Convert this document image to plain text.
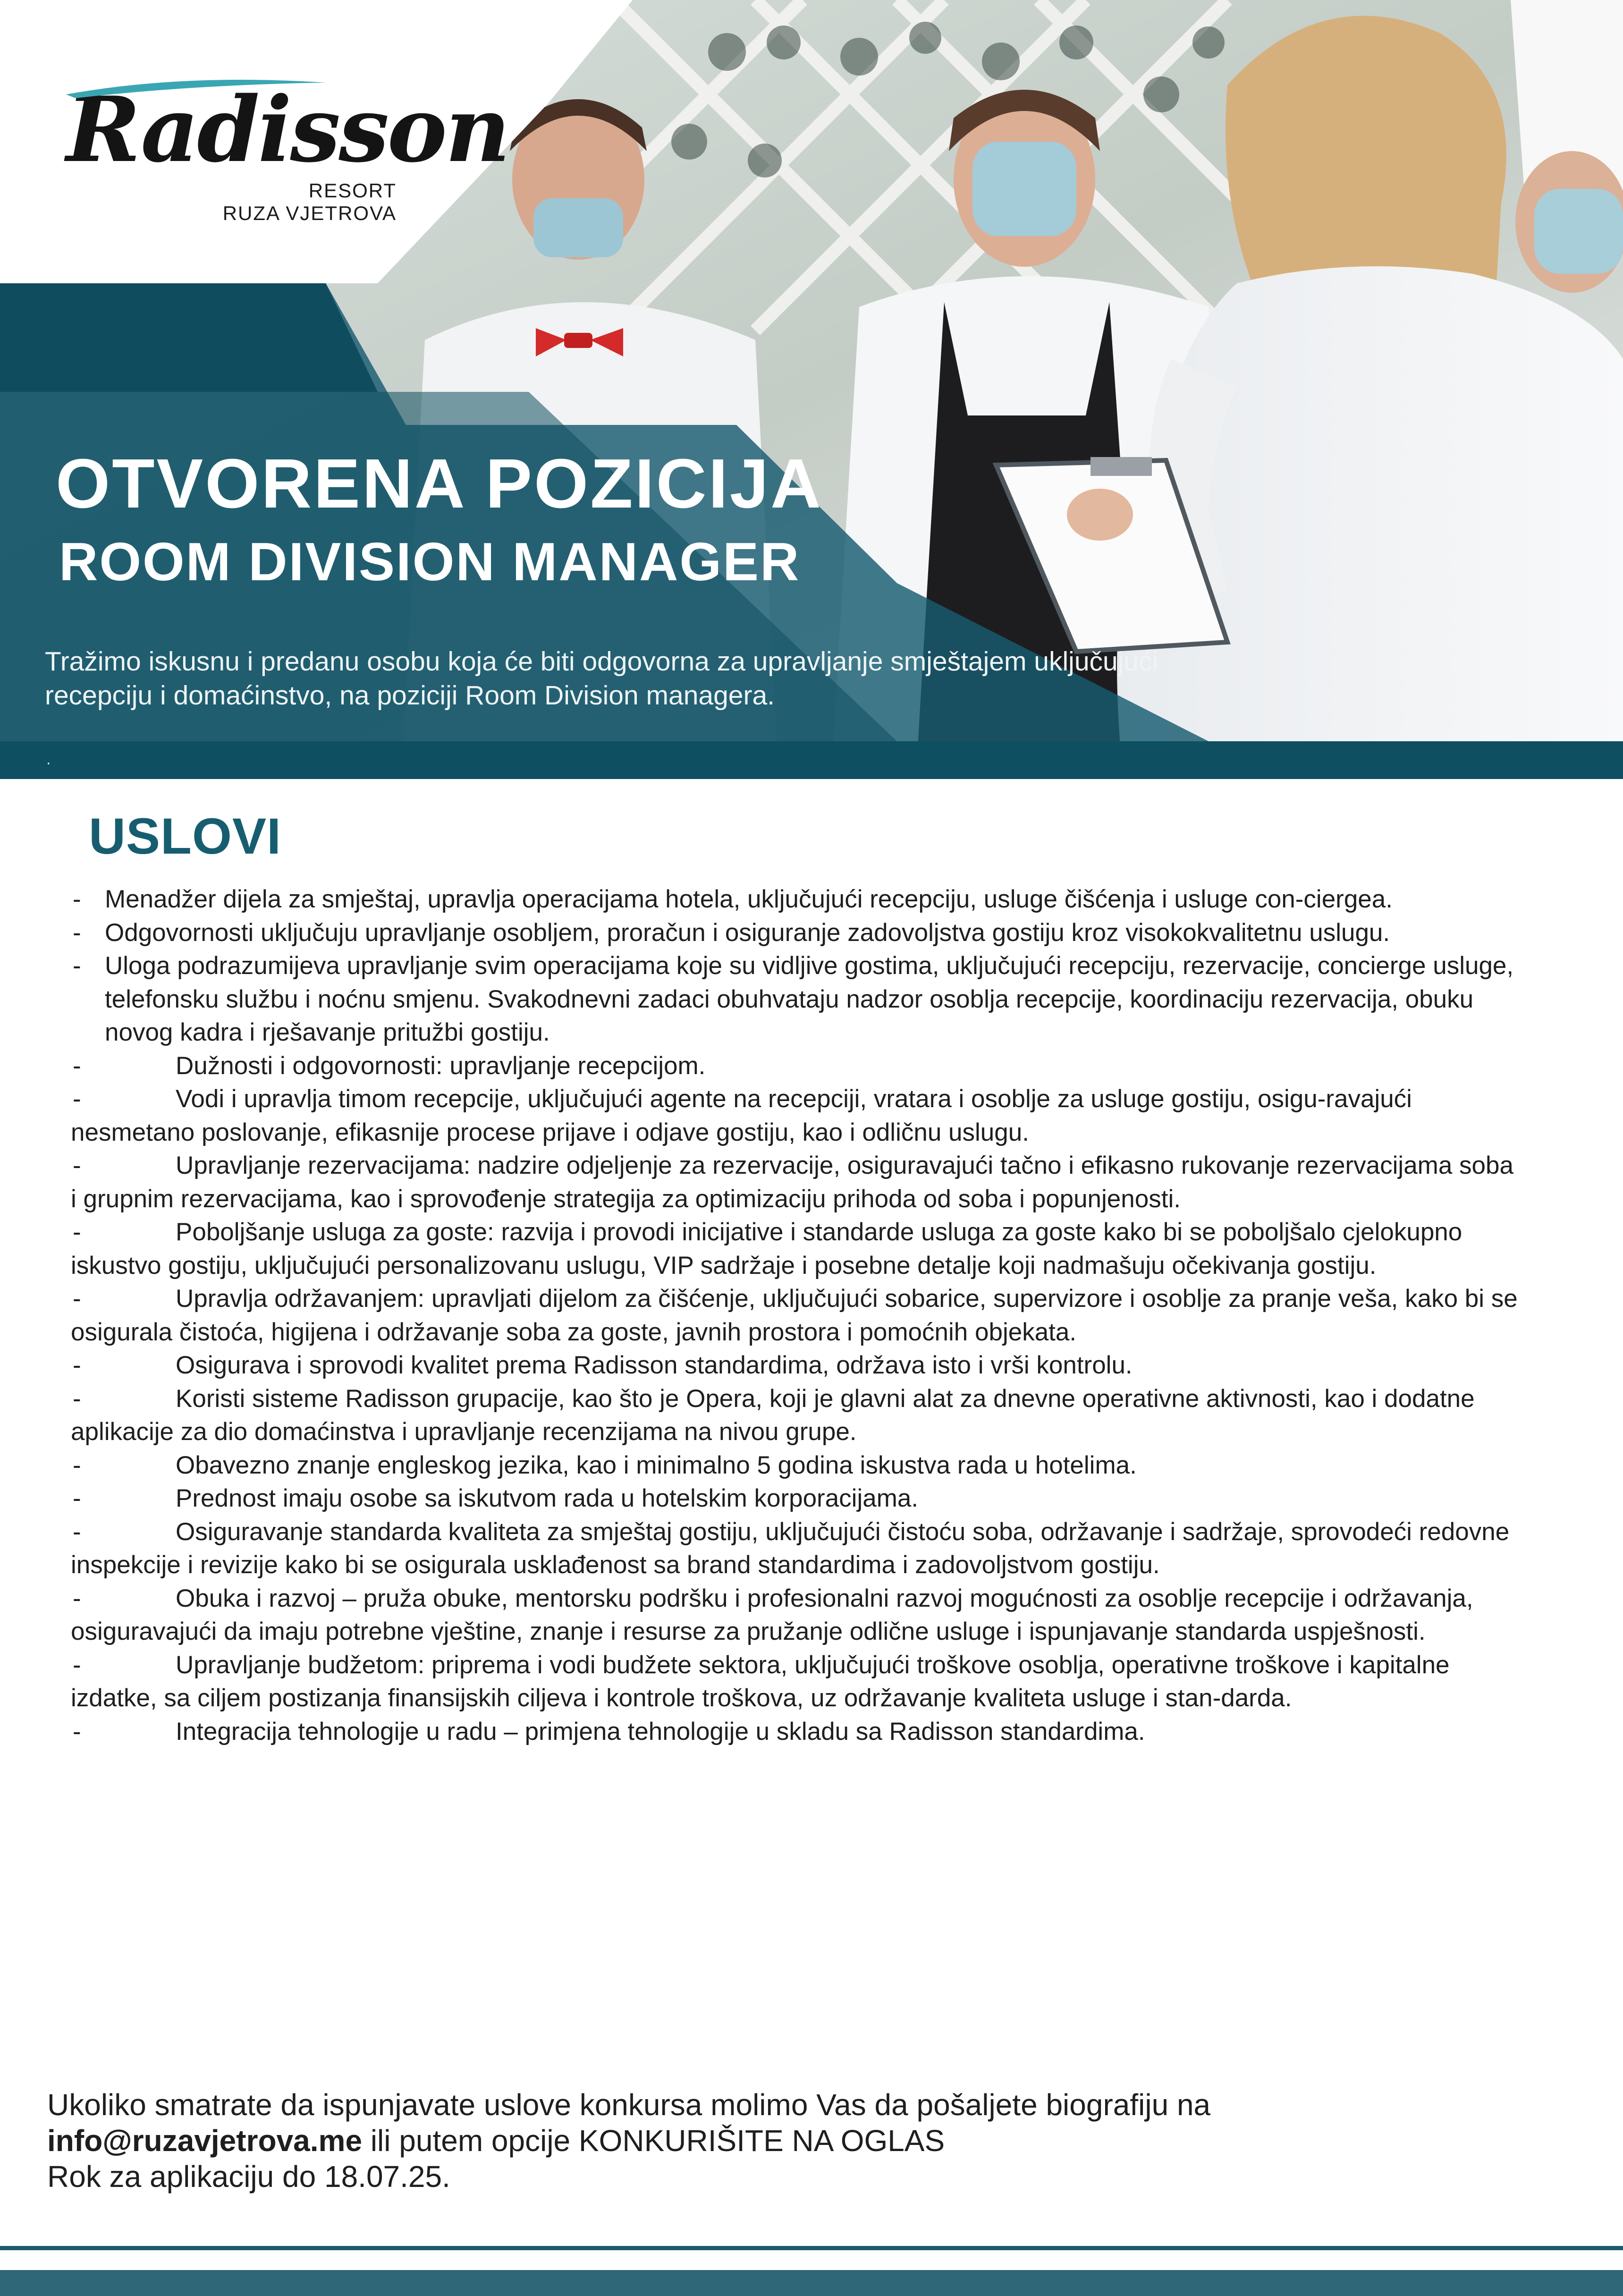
Radisson
RESORT
RUZA VJETROVA
OTVORENA POZICIJA
ROOM DIVISION MANAGER
Tražimo iskusnu i predanu osobu koja će biti odgovorna za upravljanje smještajem uključujući recepciju i domaćinstvo, na poziciji Room Division managera.
.
USLOVI
- Menadžer dijela za smještaj, upravlja operacijama hotela, uključujući recepciju, usluge čišćenja i usluge con-ciergea.
- Odgovornosti uključuju upravljanje osobljem, proračun i osiguranje zadovoljstva gostiju kroz visokokvalitetnu uslugu.
- Uloga podrazumijeva upravljanje svim operacijama koje su vidljive gostima, uključujući recepciju, rezervacije, concierge usluge, telefonsku službu i noćnu smjenu. Svakodnevni zadaci obuhvataju nadzor osoblja recepcije, koordinaciju rezervacija, obuku novog kadra i rješavanje pritužbi gostiju.
- Dužnosti i odgovornosti: upravljanje recepcijom.
- Vodi i upravlja timom recepcije, uključujući agente na recepciji, vratara i osoblje za usluge gostiju, osigu-ravajući nesmetano poslovanje, efikasnije procese prijave i odjave gostiju, kao i odličnu uslugu.
- Upravljanje rezervacijama: nadzire odjeljenje za rezervacije, osiguravajući tačno i efikasno rukovanje rezervacijama soba i grupnim rezervacijama, kao i sprovođenje strategija za optimizaciju prihoda od soba i popunjenosti.
- Poboljšanje usluga za goste: razvija i provodi inicijative i standarde usluga za goste kako bi se poboljšalo cjelokupno iskustvo gostiju, uključujući personalizovanu uslugu, VIP sadržaje i posebne detalje koji nadmašuju očekivanja gostiju.
- Upravlja održavanjem: upravljati dijelom za čišćenje, uključujući sobarice, supervizore i osoblje za pranje veša, kako bi se osigurala čistoća, higijena i održavanje soba za goste, javnih prostora i pomoćnih objekata.
- Osigurava i sprovodi kvalitet prema Radisson standardima, održava isto i vrši kontrolu.
- Koristi sisteme Radisson grupacije, kao što je Opera, koji je glavni alat za dnevne operativne aktivnosti, kao i dodatne aplikacije za dio domaćinstva i upravljanje recenzijama na nivou grupe.
- Obavezno znanje engleskog jezika, kao i minimalno 5 godina iskustva rada u hotelima.
- Prednost imaju osobe sa iskutvom rada u hotelskim korporacijama.
- Osiguravanje standarda kvaliteta za smještaj gostiju, uključujući čistoću soba, održavanje i sadržaje, sprovodeći redovne inspekcije i revizije kako bi se osigurala usklađenost sa brand standardima i zadovoljstvom gostiju.
- Obuka i razvoj – pruža obuke, mentorsku podršku i profesionalni razvoj mogućnosti za osoblje recepcije i održavanja, osiguravajući da imaju potrebne vještine, znanje i resurse za pružanje odlične usluge i ispunjavanje standarda uspješnosti.
- Upravljanje budžetom: priprema i vodi budžete sektora, uključujući troškove osoblja, operativne troškove i kapitalne izdatke, sa ciljem postizanja finansijskih ciljeva i kontrole troškova, uz održavanje kvaliteta usluge i stan-darda.
- Integracija tehnologije u radu – primjena tehnologije u skladu sa Radisson standardima.
Ukoliko smatrate da ispunjavate uslove konkursa molimo Vas da pošaljete biografiju na
info@ruzavjetrova.me ili putem opcije KONKURIŠITE NA OGLAS
Rok za aplikaciju do 18.07.25.
